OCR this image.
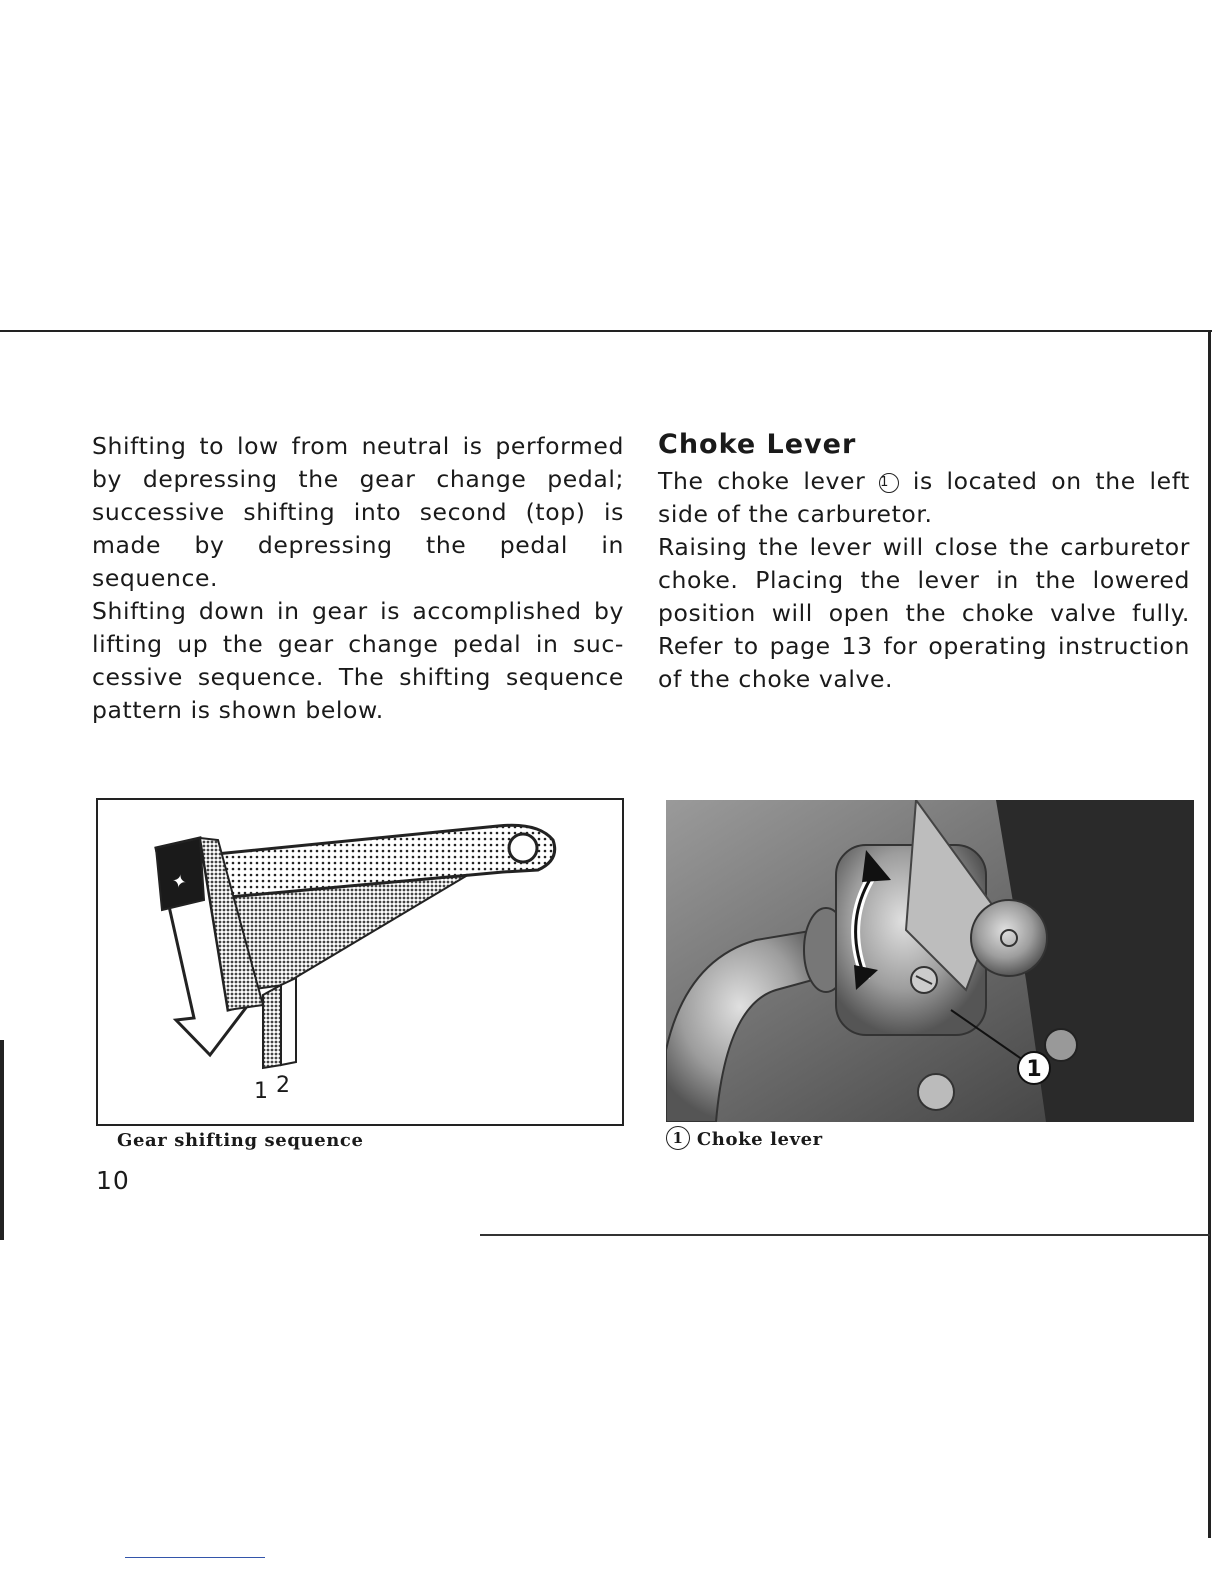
Shifting to low from neutral is performed

by depressing the gear change pedal;

successive shifting into second (top) is

made by depressing the pedal in sequence.

Shifting down in gear is accomplished by

lifting up the gear change pedal in suc-

cessive sequence. The shifting sequence

pattern is shown below.

Choke Lever

The choke lever 1 is located on the left

side of the carburetor.

Raising the lever will close the carburetor

choke. Placing the lever in the lowered

position will open the choke valve fully.

Refer to page 13 for operating instruction

of the choke valve.

✦
1 2
1
Gear shifting sequence	1 Choke lever
10
